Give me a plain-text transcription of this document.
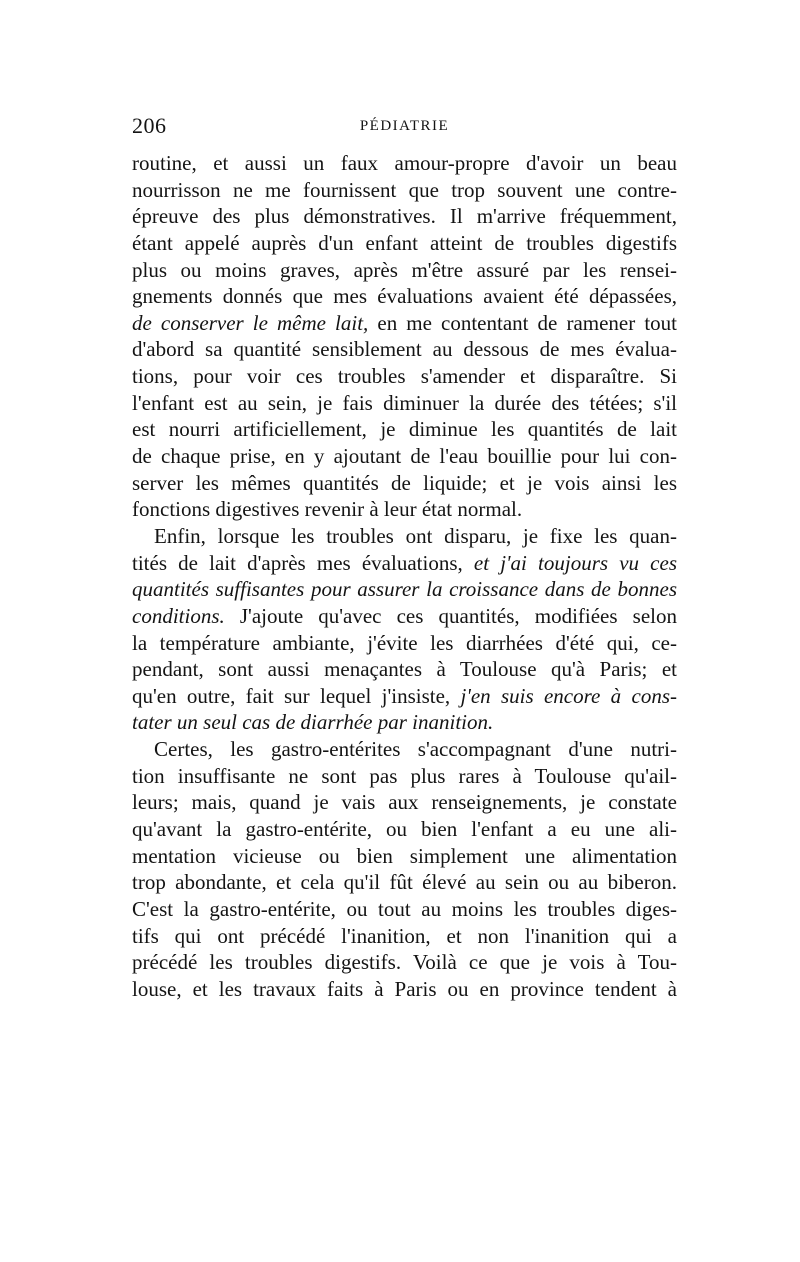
206	PÉDIATRIE
routine, et aussi un faux amour-propre d'avoir un beau
nourrisson ne me fournissent que trop souvent une contre-
épreuve des plus démonstratives. Il m'arrive fréquemment,
étant appelé auprès d'un enfant atteint de troubles digestifs
plus ou moins graves, après m'être assuré par les rensei-
gnements donnés que mes évaluations avaient été dépassées,
de conserver le même lait, en me contentant de ramener tout
d'abord sa quantité sensiblement au dessous de mes évalua-
tions, pour voir ces troubles s'amender et disparaître. Si
l'enfant est au sein, je fais diminuer la durée des tétées; s'il
est nourri artificiellement, je diminue les quantités de lait
de chaque prise, en y ajoutant de l'eau bouillie pour lui con-
server les mêmes quantités de liquide; et je vois ainsi les
fonctions digestives revenir à leur état normal.
Enfin, lorsque les troubles ont disparu, je fixe les quan-
tités de lait d'après mes évaluations, et j'ai toujours vu ces
quantités suffisantes pour assurer la croissance dans de bonnes
conditions. J'ajoute qu'avec ces quantités, modifiées selon
la température ambiante, j'évite les diarrhées d'été qui, ce-
pendant, sont aussi menaçantes à Toulouse qu'à Paris; et
qu'en outre, fait sur lequel j'insiste, j'en suis encore à cons-
tater un seul cas de diarrhée par inanition.
Certes, les gastro-entérites s'accompagnant d'une nutri-
tion insuffisante ne sont pas plus rares à Toulouse qu'ail-
leurs; mais, quand je vais aux renseignements, je constate
qu'avant la gastro-entérite, ou bien l'enfant a eu une ali-
mentation vicieuse ou bien simplement une alimentation
trop abondante, et cela qu'il fût élevé au sein ou au biberon.
C'est la gastro-entérite, ou tout au moins les troubles diges-
tifs qui ont précédé l'inanition, et non l'inanition qui a
précédé les troubles digestifs. Voilà ce que je vois à Tou-
louse, et les travaux faits à Paris ou en province tendent à
